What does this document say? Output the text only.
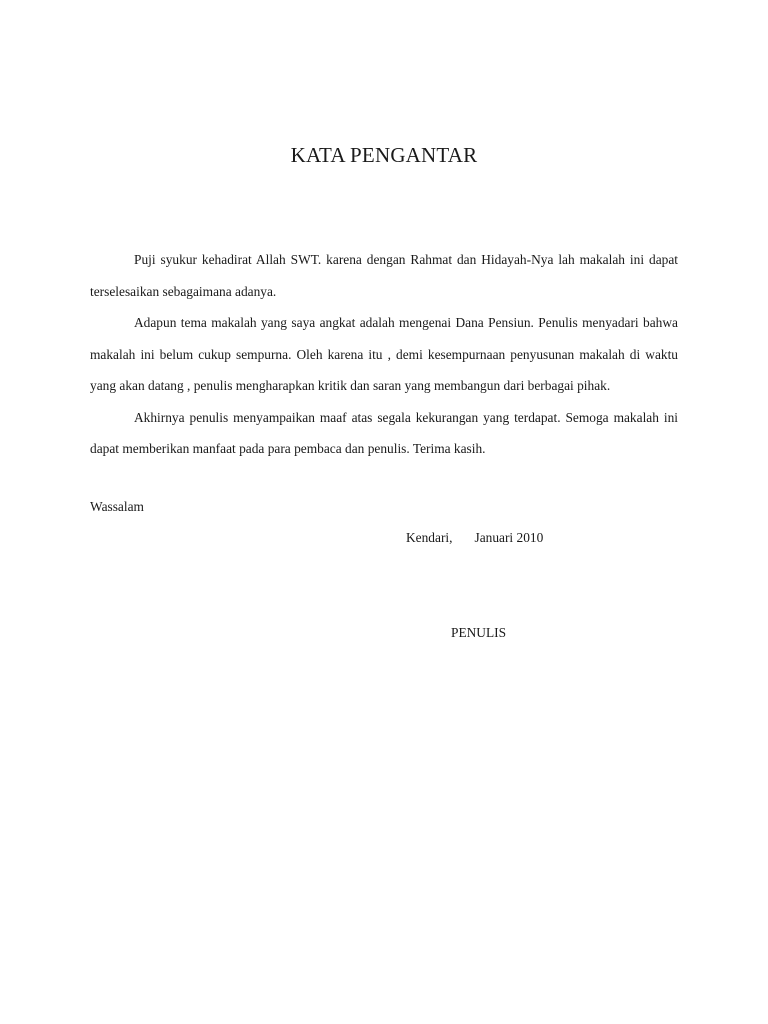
KATA PENGANTAR

Puji syukur kehadirat Allah SWT. karena dengan Rahmat dan Hidayah-Nya lah makalah ini dapat terselesaikan sebagaimana adanya.

Adapun tema makalah yang saya angkat adalah mengenai Dana Pensiun. Penulis menyadari bahwa makalah ini belum cukup sempurna. Oleh karena itu , demi kesempurnaan penyusunan makalah di waktu yang akan datang , penulis mengharapkan kritik dan saran yang membangun dari berbagai pihak.

Akhirnya penulis menyampaikan maaf atas segala kekurangan yang terdapat. Semoga makalah ini dapat memberikan manfaat pada para pembaca dan penulis. Terima kasih.

Wassalam
Kendari, Januari 2010
PENULIS
